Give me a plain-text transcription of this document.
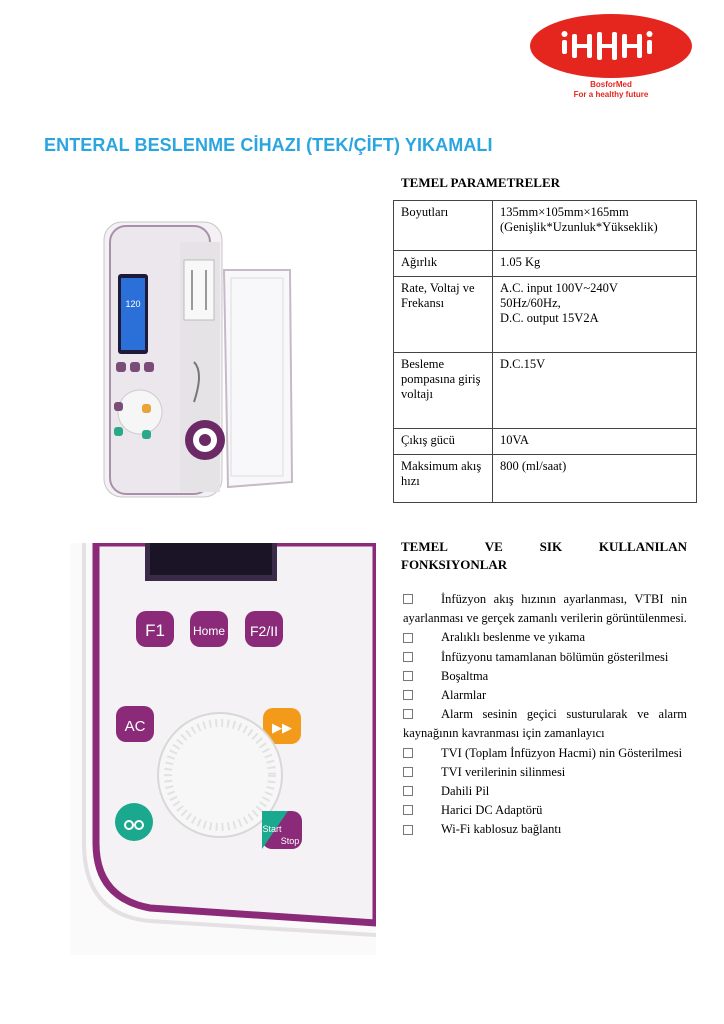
BosforMed
For a healthy future
ENTERAL BESLENME CİHAZI (TEK/ÇİFT) YIKAMALI
TEMEL PARAMETRELER
Boyutları	135mm×105mm×165mm
(Genişlik*Uzunluk*Yükseklik)
Ağırlık	1.05 Kg
Rate, Voltaj ve Frekansı	A.C. input 100V~240V
50Hz/60Hz,
D.C. output 15V2A
Besleme pompasına giriş voltajı	D.C.15V
Çıkış gücü	10VA
Maksimum akış hızı	800 (ml/saat)
120
F1 Home F2/II
AC	▶▶
Start
Stop
TEMEL	VE	SIK	KULLANILAN
FONKSIYONLAR
İnfüzyon akış hızının ayarlanması, VTBI nin ayarlanması ve gerçek zamanlı verilerin görüntülenmesi.
Aralıklı beslenme ve yıkama
İnfüzyonu tamamlanan bölümün gösterilmesi
Boşaltma
Alarmlar
Alarm sesinin geçici susturularak ve alarm kaynağının kavranması için zamanlayıcı
TVI (Toplam İnfüzyon Hacmi) nin Gösterilmesi
TVI verilerinin silinmesi
Dahili Pil
Harici DC Adaptörü
Wi-Fi kablosuz bağlantı
